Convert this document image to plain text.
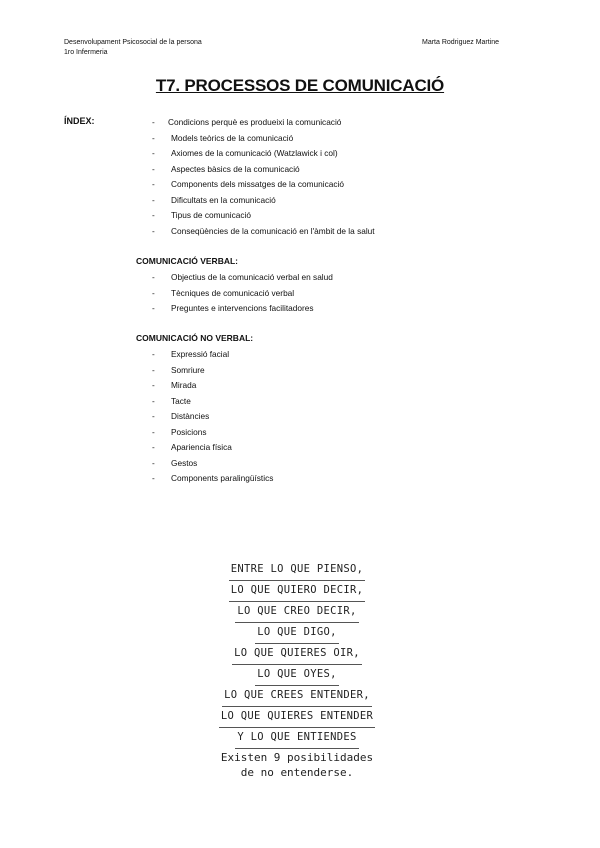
Desenvolupament Psicosocial de la persona
1ro Infermeria
Marta Rodriguez Martine
T7. PROCESSOS DE COMUNICACIÓ
ÍNDEX:	- Condicions perquè es produeixi la comunicació
- Models teòrics de la comunicació
- Axiomes de la comunicació (Watzlawick i col)
- Aspectes bàsics de la comunicació
- Components dels missatges de la comunicació
- Dificultats en la comunicació
- Tipus de comunicació
- Conseqüències de la comunicació en l'àmbit de la salut
COMUNICACIÓ VERBAL:
- Objectius de la comunicació verbal en salud
- Tècniques de comunicació verbal
- Preguntes e intervencions facilitadores
COMUNICACIÓ NO VERBAL:
- Expressió facial
- Somriure
- Mirada
- Tacte
- Distàncies
- Posicions
- Apariencia física
- Gestos
- Components paralingüístics
ENTRE LO QUE PIENSO,
LO QUE QUIERO DECIR,
LO QUE CREO DECIR,
LO QUE DIGO,
LO QUE QUIERES OIR,
LO QUE OYES,
LO QUE CREES ENTENDER,
LO QUE QUIERES ENTENDER
Y LO QUE ENTIENDES
Existen 9 posibilidades
de no entenderse.
